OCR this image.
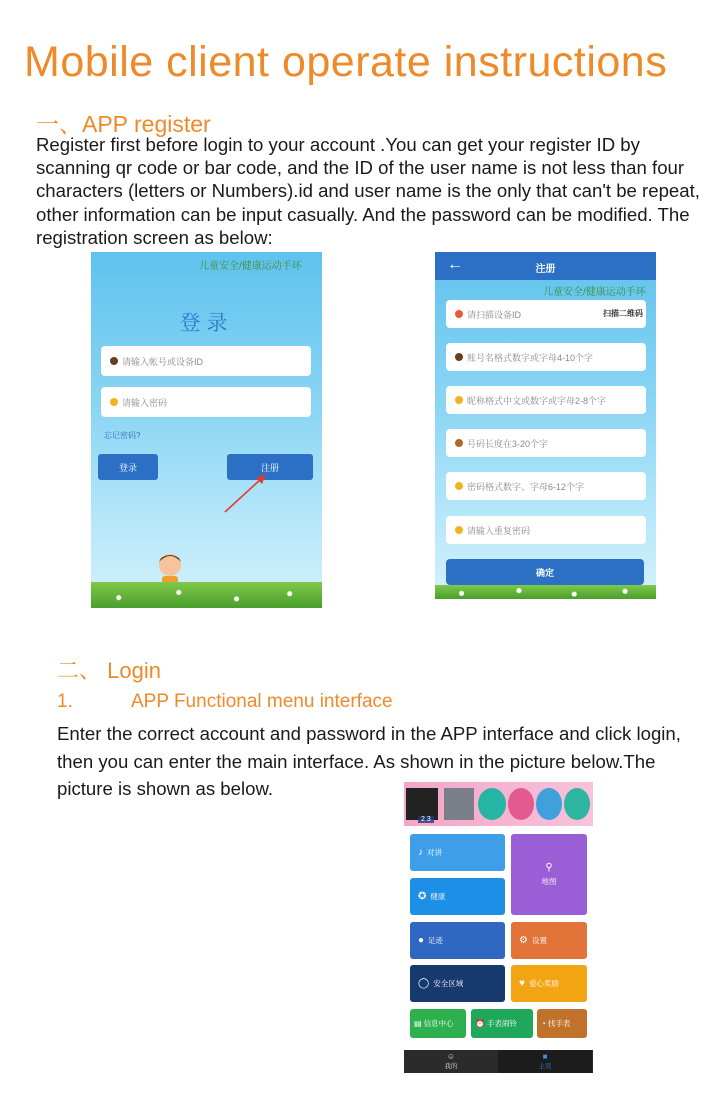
Mobile client operate instructions
一、APP register
Register first before login to your account .You can get your register ID by scanning qr code or bar code, and the ID of the user name is not less than four characters (letters or Numbers).id and user name is the only that can't be repeat, other information can be input casually. And the password can be modified. The registration screen as below:
儿童安全/健康运动手环
登录
请输入帐号或设备ID
请输入密码
忘记密码?
登录	注册
←	注册
儿童安全/健康运动手环
请扫描设备ID	扫描二维码
账号名格式数字或字母4-10个字
昵称格式中文或数字或字母2-8个字
号码长度在3-20个字
密码格式数字、字母6-12个字
请输入重复密码
确定
二、 Login
1.	APP Functional menu interface
Enter the correct account and password in the APP interface and click login, then you can enter the main interface. As shown in the picture below.The picture is shown as below.
2 3
♪ 对讲
⚲
地图
✪ 健康
● 足迹	⚙ 设置
◯ 安全区域	♥ 爱心奖励
▤ 信息中心	⏰ 手表闹铃	◔ 找手表
☺
我的
■
主页
